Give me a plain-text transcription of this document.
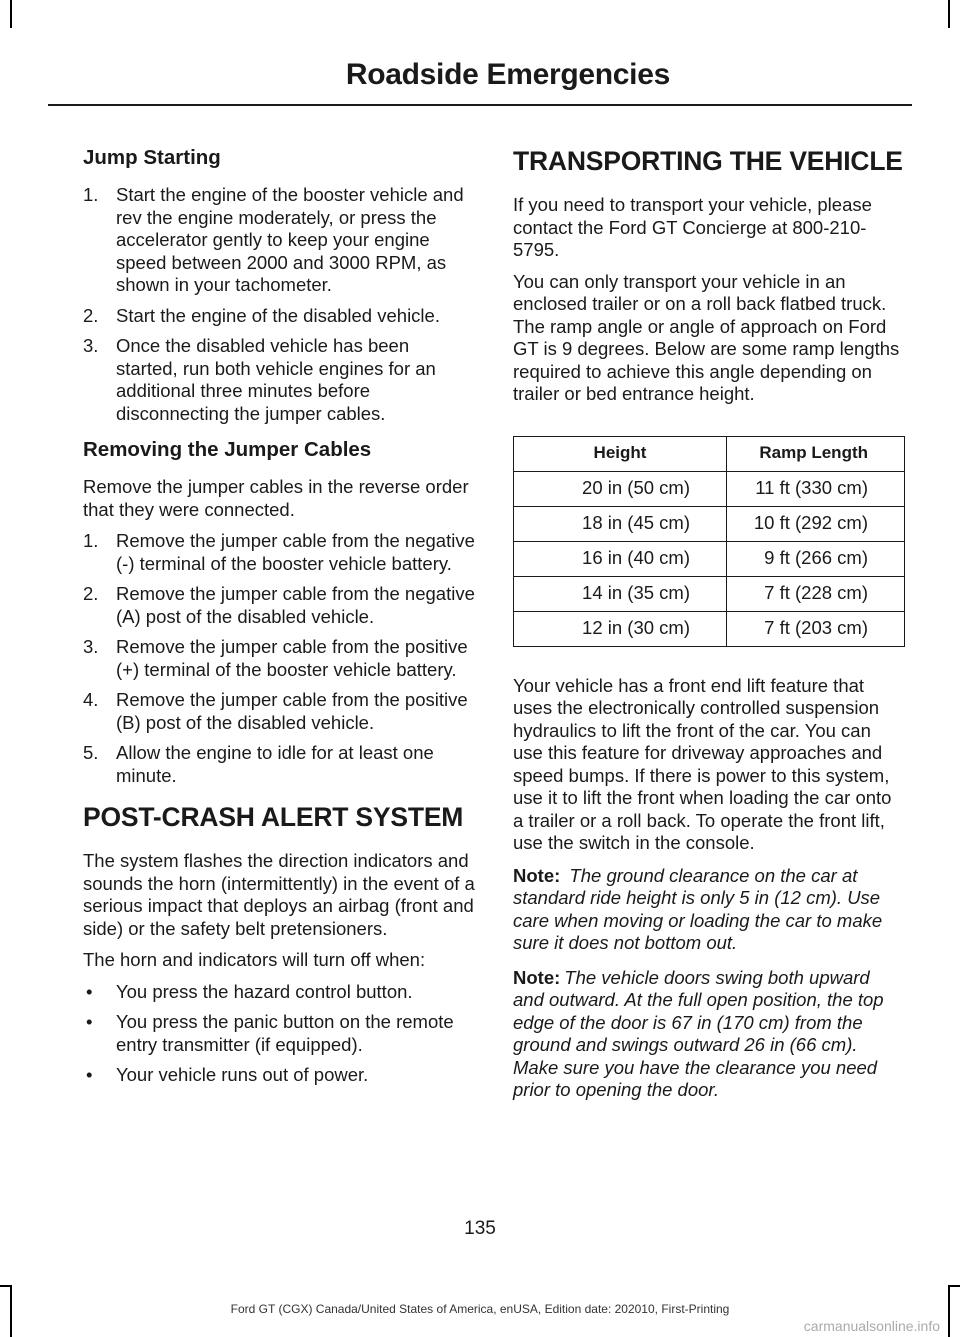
Roadside Emergencies
Jump Starting
1. Start the engine of the booster vehicle and rev the engine moderately, or press the accelerator gently to keep your engine speed between 2000 and 3000 RPM, as shown in your tachometer.
2. Start the engine of the disabled vehicle.
3. Once the disabled vehicle has been started, run both vehicle engines for an additional three minutes before disconnecting the jumper cables.
Removing the Jumper Cables

Remove the jumper cables in the reverse order that they were connected.

1. Remove the jumper cable from the negative (-) terminal of the booster vehicle battery.
2. Remove the jumper cable from the negative (A) post of the disabled vehicle.
3. Remove the jumper cable from the positive (+) terminal of the booster vehicle battery.
4. Remove the jumper cable from the positive (B) post of the disabled vehicle.
5. Allow the engine to idle for at least one minute.
POST-CRASH ALERT SYSTEM

The system flashes the direction indicators and sounds the horn (intermittently) in the event of a serious impact that deploys an airbag (front and side) or the safety belt pretensioners.

The horn and indicators will turn off when:

• You press the hazard control button.
• You press the panic button on the remote entry transmitter (if equipped).
• Your vehicle runs out of power.
TRANSPORTING THE VEHICLE

If you need to transport your vehicle, please contact the Ford GT Concierge at 800-210-5795.

You can only transport your vehicle in an enclosed trailer or on a roll back flatbed truck. The ramp angle or angle of approach on Ford GT is 9 degrees. Below are some ramp lengths required to achieve this angle depending on trailer or bed entrance height.

Height	Ramp Length
20 in (50 cm)	11 ft (330 cm)
18 in (45 cm)	10 ft (292 cm)
16 in (40 cm)	9 ft (266 cm)
14 in (35 cm)	7 ft (228 cm)
12 in (30 cm)	7 ft (203 cm)

Your vehicle has a front end lift feature that uses the electronically controlled suspension hydraulics to lift the front of the car. You can use this feature for driveway approaches and speed bumps. If there is power to this system, use it to lift the front when loading the car onto a trailer or a roll back. To operate the front lift, use the switch in the console.

Note: The ground clearance on the car at standard ride height is only 5 in (12 cm). Use care when moving or loading the car to make sure it does not bottom out.

Note: The vehicle doors swing both upward and outward. At the full open position, the top edge of the door is 67 in (170 cm) from the ground and swings outward 26 in (66 cm). Make sure you have the clearance you need prior to opening the door.

135
Ford GT (CGX) Canada/United States of America, enUSA, Edition date: 202010, First-Printing
carmanualsonline.info
